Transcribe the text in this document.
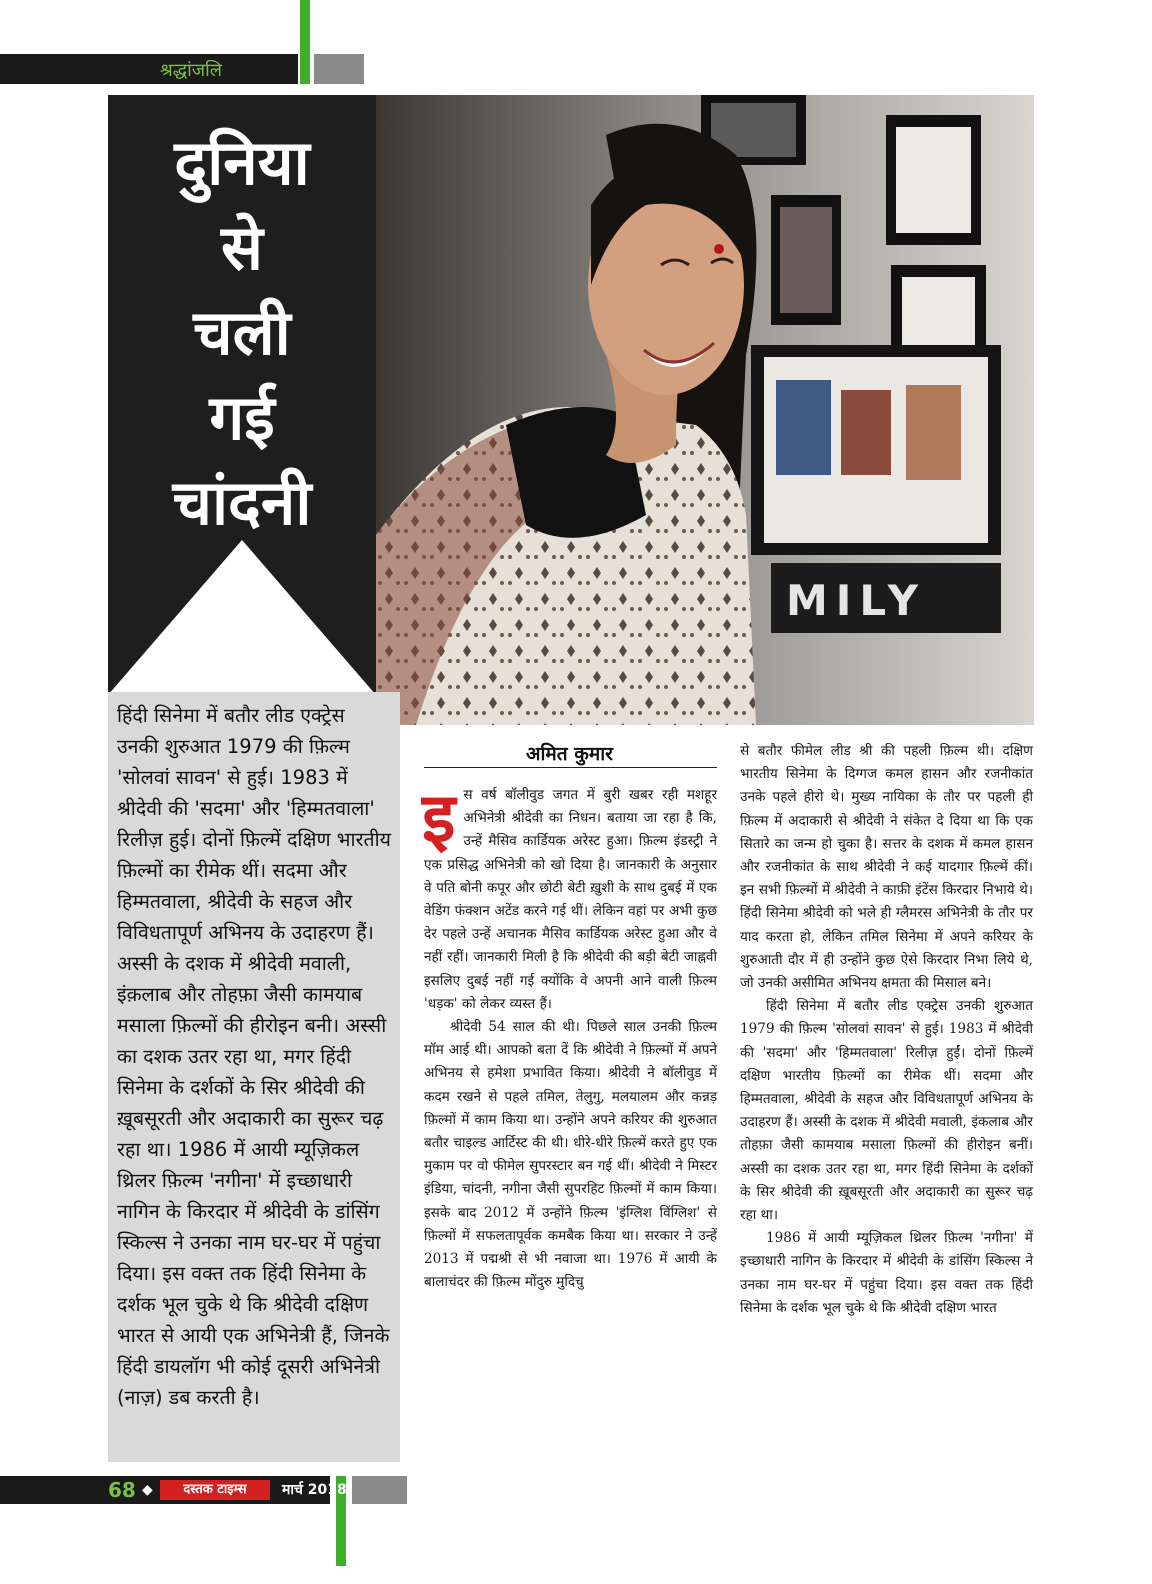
श्रद्धांजलि
दुनिया
से
चली
गई
चांदनी
MILY
हिंदी सिनेमा में बतौर लीड एक्ट्रेस उनकी शुरुआत 1979 की फ़िल्म 'सोलवां सावन' से हुई। 1983 में श्रीदेवी की 'सदमा' और 'हिम्मतवाला' रिलीज़ हुई। दोनों फ़िल्में दक्षिण भारतीय फ़िल्मों का रीमेक थीं। सदमा और हिम्मतवाला, श्रीदेवी के सहज और विविधतापूर्ण अभिनय के उदाहरण हैं। अस्सी के दशक में श्रीदेवी मवाली, इंक़लाब और तोहफ़ा जैसी कामयाब मसाला फ़िल्मों की हीरोइन बनी। अस्सी का दशक उतर रहा था, मगर हिंदी सिनेमा के दर्शकों के सिर श्रीदेवी की ख़ूबसूरती और अदाकारी का सुरूर चढ़ रहा था। 1986 में आयी म्यूज़िकल थ्रिलर फ़िल्म 'नगीना' में इच्छाधारी नागिन के किरदार में श्रीदेवी के डांसिंग स्किल्स ने उनका नाम घर-घर में पहुंचा दिया। इस वक्त तक हिंदी सिनेमा के दर्शक भूल चुके थे कि श्रीदेवी दक्षिण भारत से आयी एक अभिनेत्री हैं, जिनके हिंदी डायलॉग भी कोई दूसरी अभिनेत्री (नाज़) डब करती है।
अमित कुमार
इ स वर्ष बॉलीवुड जगत में बुरी खबर रही मशहूर अभिनेत्री श्रीदेवी का निधन। बताया जा रहा है कि, उन्हें मैसिव कार्डियक अरेस्ट हुआ। फ़िल्म इंडस्ट्री ने एक प्रसिद्ध अभिनेत्री को खो दिया है। जानकारी के अनुसार वे पति बोनी कपूर और छोटी बेटी ख़ुशी के साथ दुबई में एक वेडिंग फंक्शन अटेंड करने गई थीं। लेकिन वहां पर अभी कुछ देर पहले उन्हें अचानक मैसिव कार्डियक अरेस्ट हुआ और वे नहीं रहीं। जानकारी मिली है कि श्रीदेवी की बड़ी बेटी जाह्नवी इसलिए दुबई नहीं गई क्योंकि वे अपनी आने वाली फ़िल्म 'धड़क' को लेकर व्यस्त हैं।

श्रीदेवी 54 साल की थी। पिछले साल उनकी फ़िल्म मॉम आई थी। आपको बता दें कि श्रीदेवी ने फ़िल्मों में अपने अभिनय से हमेशा प्रभावित किया। श्रीदेवी ने बॉलीवुड में कदम रखने से पहले तमिल, तेलुगु, मलयालम और कन्नड़ फ़िल्मों में काम किया था। उन्होंने अपने करियर की शुरुआत बतौर चाइल्ड आर्टिस्ट की थी। धीरे-धीरे फ़िल्में करते हुए एक मुकाम पर वो फीमेल सुपरस्टार बन गई थीं। श्रीदेवी ने मिस्टर इंडिया, चांदनी, नगीना जैसी सुपरहिट फ़िल्मों में काम किया। इसके बाद 2012 में उन्होंने फ़िल्म 'इंग्लिश विंग्लिश' से फ़िल्मों में सफलतापूर्वक कमबैक किया था। सरकार ने उन्हें 2013 में पद्मश्री से भी नवाजा था। 1976 में आयी के बालाचंदर की फ़िल्म मोंदुरु मुदिचु

से बतौर फीमेल लीड श्री की पहली फ़िल्म थी। दक्षिण भारतीय सिनेमा के दिग्गज कमल हासन और रजनीकांत उनके पहले हीरो थे। मुख्य नायिका के तौर पर पहली ही फ़िल्म में अदाकारी से श्रीदेवी ने संकेत दे दिया था कि एक सितारे का जन्म हो चुका है। सत्तर के दशक में कमल हासन और रजनीकांत के साथ श्रीदेवी ने कई यादगार फ़िल्में कीं। इन सभी फ़िल्मों में श्रीदेवी ने काफ़ी इंटेंस किरदार निभाये थे। हिंदी सिनेमा श्रीदेवी को भले ही ग्लैमरस अभिनेत्री के तौर पर याद करता हो, लेकिन तमिल सिनेमा में अपने करियर के शुरुआती दौर में ही उन्होंने कुछ ऐसे किरदार निभा लिये थे, जो उनकी असीमित अभिनय क्षमता की मिसाल बने।

हिंदी सिनेमा में बतौर लीड एक्ट्रेस उनकी शुरुआत 1979 की फ़िल्म 'सोलवां सावन' से हुई। 1983 में श्रीदेवी की 'सदमा' और 'हिम्मतवाला' रिलीज़ हुईं। दोनों फ़िल्में दक्षिण भारतीय फ़िल्मों का रीमेक थीं। सदमा और हिम्मतवाला, श्रीदेवी के सहज और विविधतापूर्ण अभिनय के उदाहरण हैं। अस्सी के दशक में श्रीदेवी मवाली, इंकलाब और तोहफ़ा जैसी कामयाब मसाला फ़िल्मों की हीरोइन बनीं। अस्सी का दशक उतर रहा था, मगर हिंदी सिनेमा के दर्शकों के सिर श्रीदेवी की ख़ूबसूरती और अदाकारी का सुरूर चढ़ रहा था।

1986 में आयी म्यूज़िकल थ्रिलर फ़िल्म 'नगीना' में इच्छाधारी नागिन के किरदार में श्रीदेवी के डांसिंग स्किल्स ने उनका नाम घर-घर में पहुंचा दिया। इस वक्त तक हिंदी सिनेमा के दर्शक भूल चुके थे कि श्रीदेवी दक्षिण भारत

68 ◆	दस्तक टाइम्स	मार्च 2018
